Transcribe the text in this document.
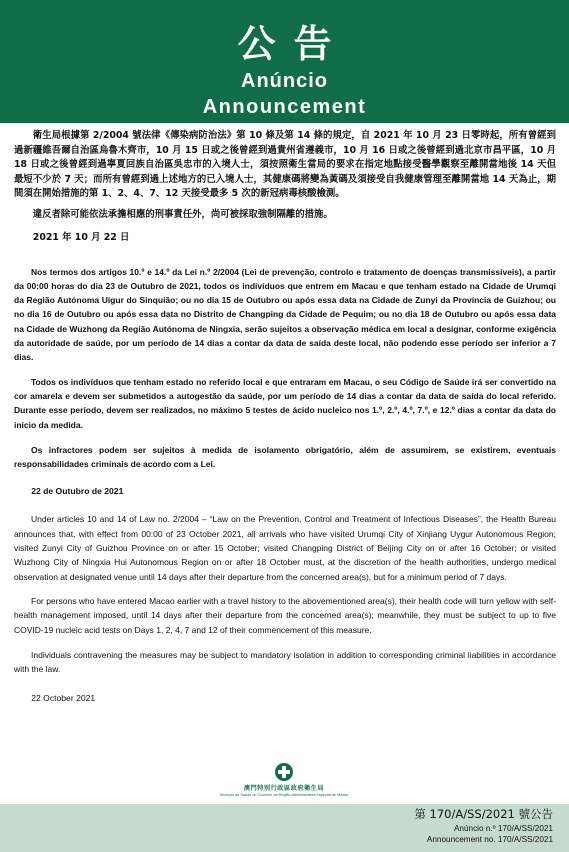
公告
Anúncio
Announcement

衛生局根據第 2/2004 號法律《傳染病防治法》第 10 條及第 14 條的規定，自 2021 年 10 月 23 日零時起，所有曾經到過新疆維吾爾自治區烏魯木齊市，10 月 15 日或之後曾經到過貴州省遵義市，10 月 16 日或之後曾經到過北京市昌平區，10 月 18 日或之後曾經到過寧夏回族自治區吳忠市的入境人士，須按照衛生當局的要求在指定地點接受醫學觀察至離開當地後 14 天但最短不少於 7 天；而所有曾經到過上述地方的已入境人士，其健康碼將變為黃碼及須接受自我健康管理至離開當地 14 天為止，期間須在開始措施的第 1、2、4、7、12 天接受最多 5 次的新冠病毒核酸檢測。

違反者除可能依法承擔相應的刑事責任外，尚可被採取強制隔離的措施。

2021 年 10 月 22 日

Nos termos dos artigos 10.º e 14.º da Lei n.º 2/2004 (Lei de prevenção, controlo e tratamento de doenças transmissíveis), a partir da 00:00 horas do dia 23 de Outubro de 2021, todos os indivíduos que entrem em Macau e que tenham estado na Cidade de Urumqi da Região Autónoma Uigur do Sinquião; ou no dia 15 de Outubro ou após essa data na Cidade de Zunyi da Província de Guizhou; ou no dia 16 de Outubro ou após essa data no Distrito de Changping da Cidade de Pequim; ou no dia 18 de Outubro ou após essa data na Cidade de Wuzhong da Região Autónoma de Ningxia, serão sujeitos a observação médica em local a designar, conforme exigência da autoridade de saúde, por um período de 14 dias a contar da data de saída deste local, não podendo esse período ser inferior a 7 dias.

Todos os indivíduos que tenham estado no referido local e que entraram em Macau, o seu Código de Saúde irá ser convertido na cor amarela e devem ser submetidos a autogestão da saúde, por um período de 14 dias a contar da data de saída do local referido. Durante esse período, devem ser realizados, no máximo 5 testes de ácido nucleico nos 1.º, 2.º, 4.º, 7.º, e 12.º dias a contar da data do início da medida.

Os infractores podem ser sujeitos à medida de isolamento obrigatório, além de assumirem, se existirem, eventuais responsabilidades criminais de acordo com a Lei.

22 de Outubro de 2021

Under articles 10 and 14 of Law no. 2/2004 – “Law on the Prevention, Control and Treatment of Infectious Diseases”, the Health Bureau announces that, with effect from 00:00 of 23 October 2021, all arrivals who have visited Urumqi City of Xinjiang Uygur Autonomous Region; visited Zunyi City of Guizhou Province on or after 15 October; visited Changping District of Beijing City on or after 16 October; or visited Wuzhong City of Ningxia Hui Autonomous Region on or after 18 October must, at the discretion of the health authorities, undergo medical observation at designated venue until 14 days after their departure from the concerned area(s), but for a minimum period of 7 days.

For persons who have entered Macao earlier with a travel history to the abovementioned area(s), their health code will turn yellow with self-health management imposed, until 14 days after their departure from the concerned area(s); meanwhile, they must be subject to up to five COVID-19 nucleic acid tests on Days 1, 2, 4, 7 and 12 of their commencement of this measure.

Individuals contravening the measures may be subject to mandatory isolation in addition to corresponding criminal liabilities in accordance with the law.

22 October 2021

澳門特別行政區政府衛生局
Serviços de Saúde do Governo da Região Administrativa Especial de Macau
第 170/A/SS/2021 號公告
Anúncio n.º 170/A/SS/2021
Announcement no. 170/A/SS/2021
